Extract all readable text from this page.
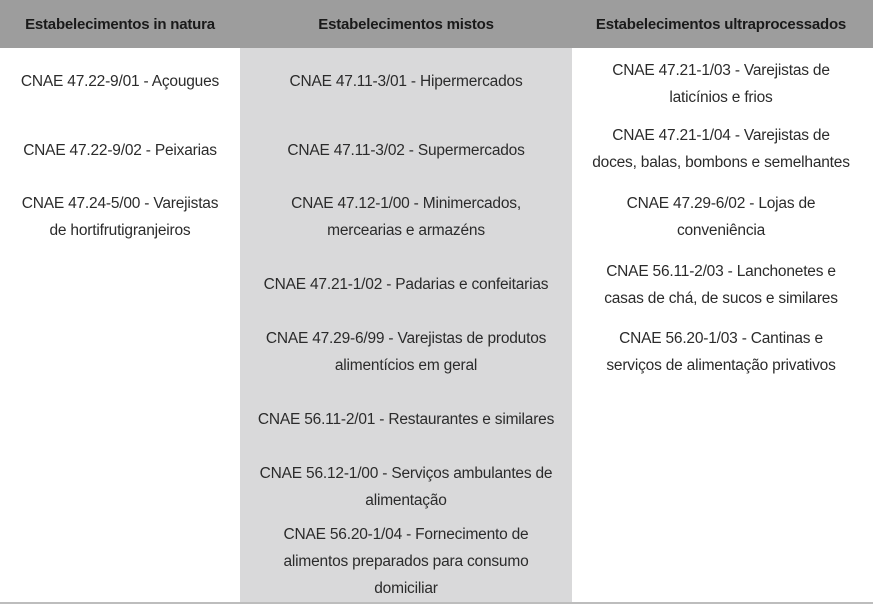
Estabelecimentos in natura	Estabelecimentos mistos	Estabelecimentos ultraprocessados
CNAE 47.22-9/01 - Açougues
CNAE 47.22-9/02 - Peixarias
CNAE 47.24-5/00 - Varejistas
de hortifrutigranjeiros
CNAE 47.11-3/01 - Hipermercados
CNAE 47.11-3/02 - Supermercados
CNAE 47.12-1/00 - Minimercados,
mercearias e armazéns
CNAE 47.21-1/02 - Padarias e confeitarias
CNAE 47.29-6/99 - Varejistas de produtos
alimentícios em geral
CNAE 56.11-2/01 - Restaurantes e similares
CNAE 56.12-1/00 - Serviços ambulantes de
alimentação
CNAE 56.20-1/04 - Fornecimento de
alimentos preparados para consumo
domiciliar
CNAE 47.21-1/03 - Varejistas de
laticínios e frios
CNAE 47.21-1/04 - Varejistas de
doces, balas, bombons e semelhantes
CNAE 47.29-6/02 - Lojas de
conveniência
CNAE 56.11-2/03 - Lanchonetes e
casas de chá, de sucos e similares
CNAE 56.20-1/03 - Cantinas e
serviços de alimentação privativos
